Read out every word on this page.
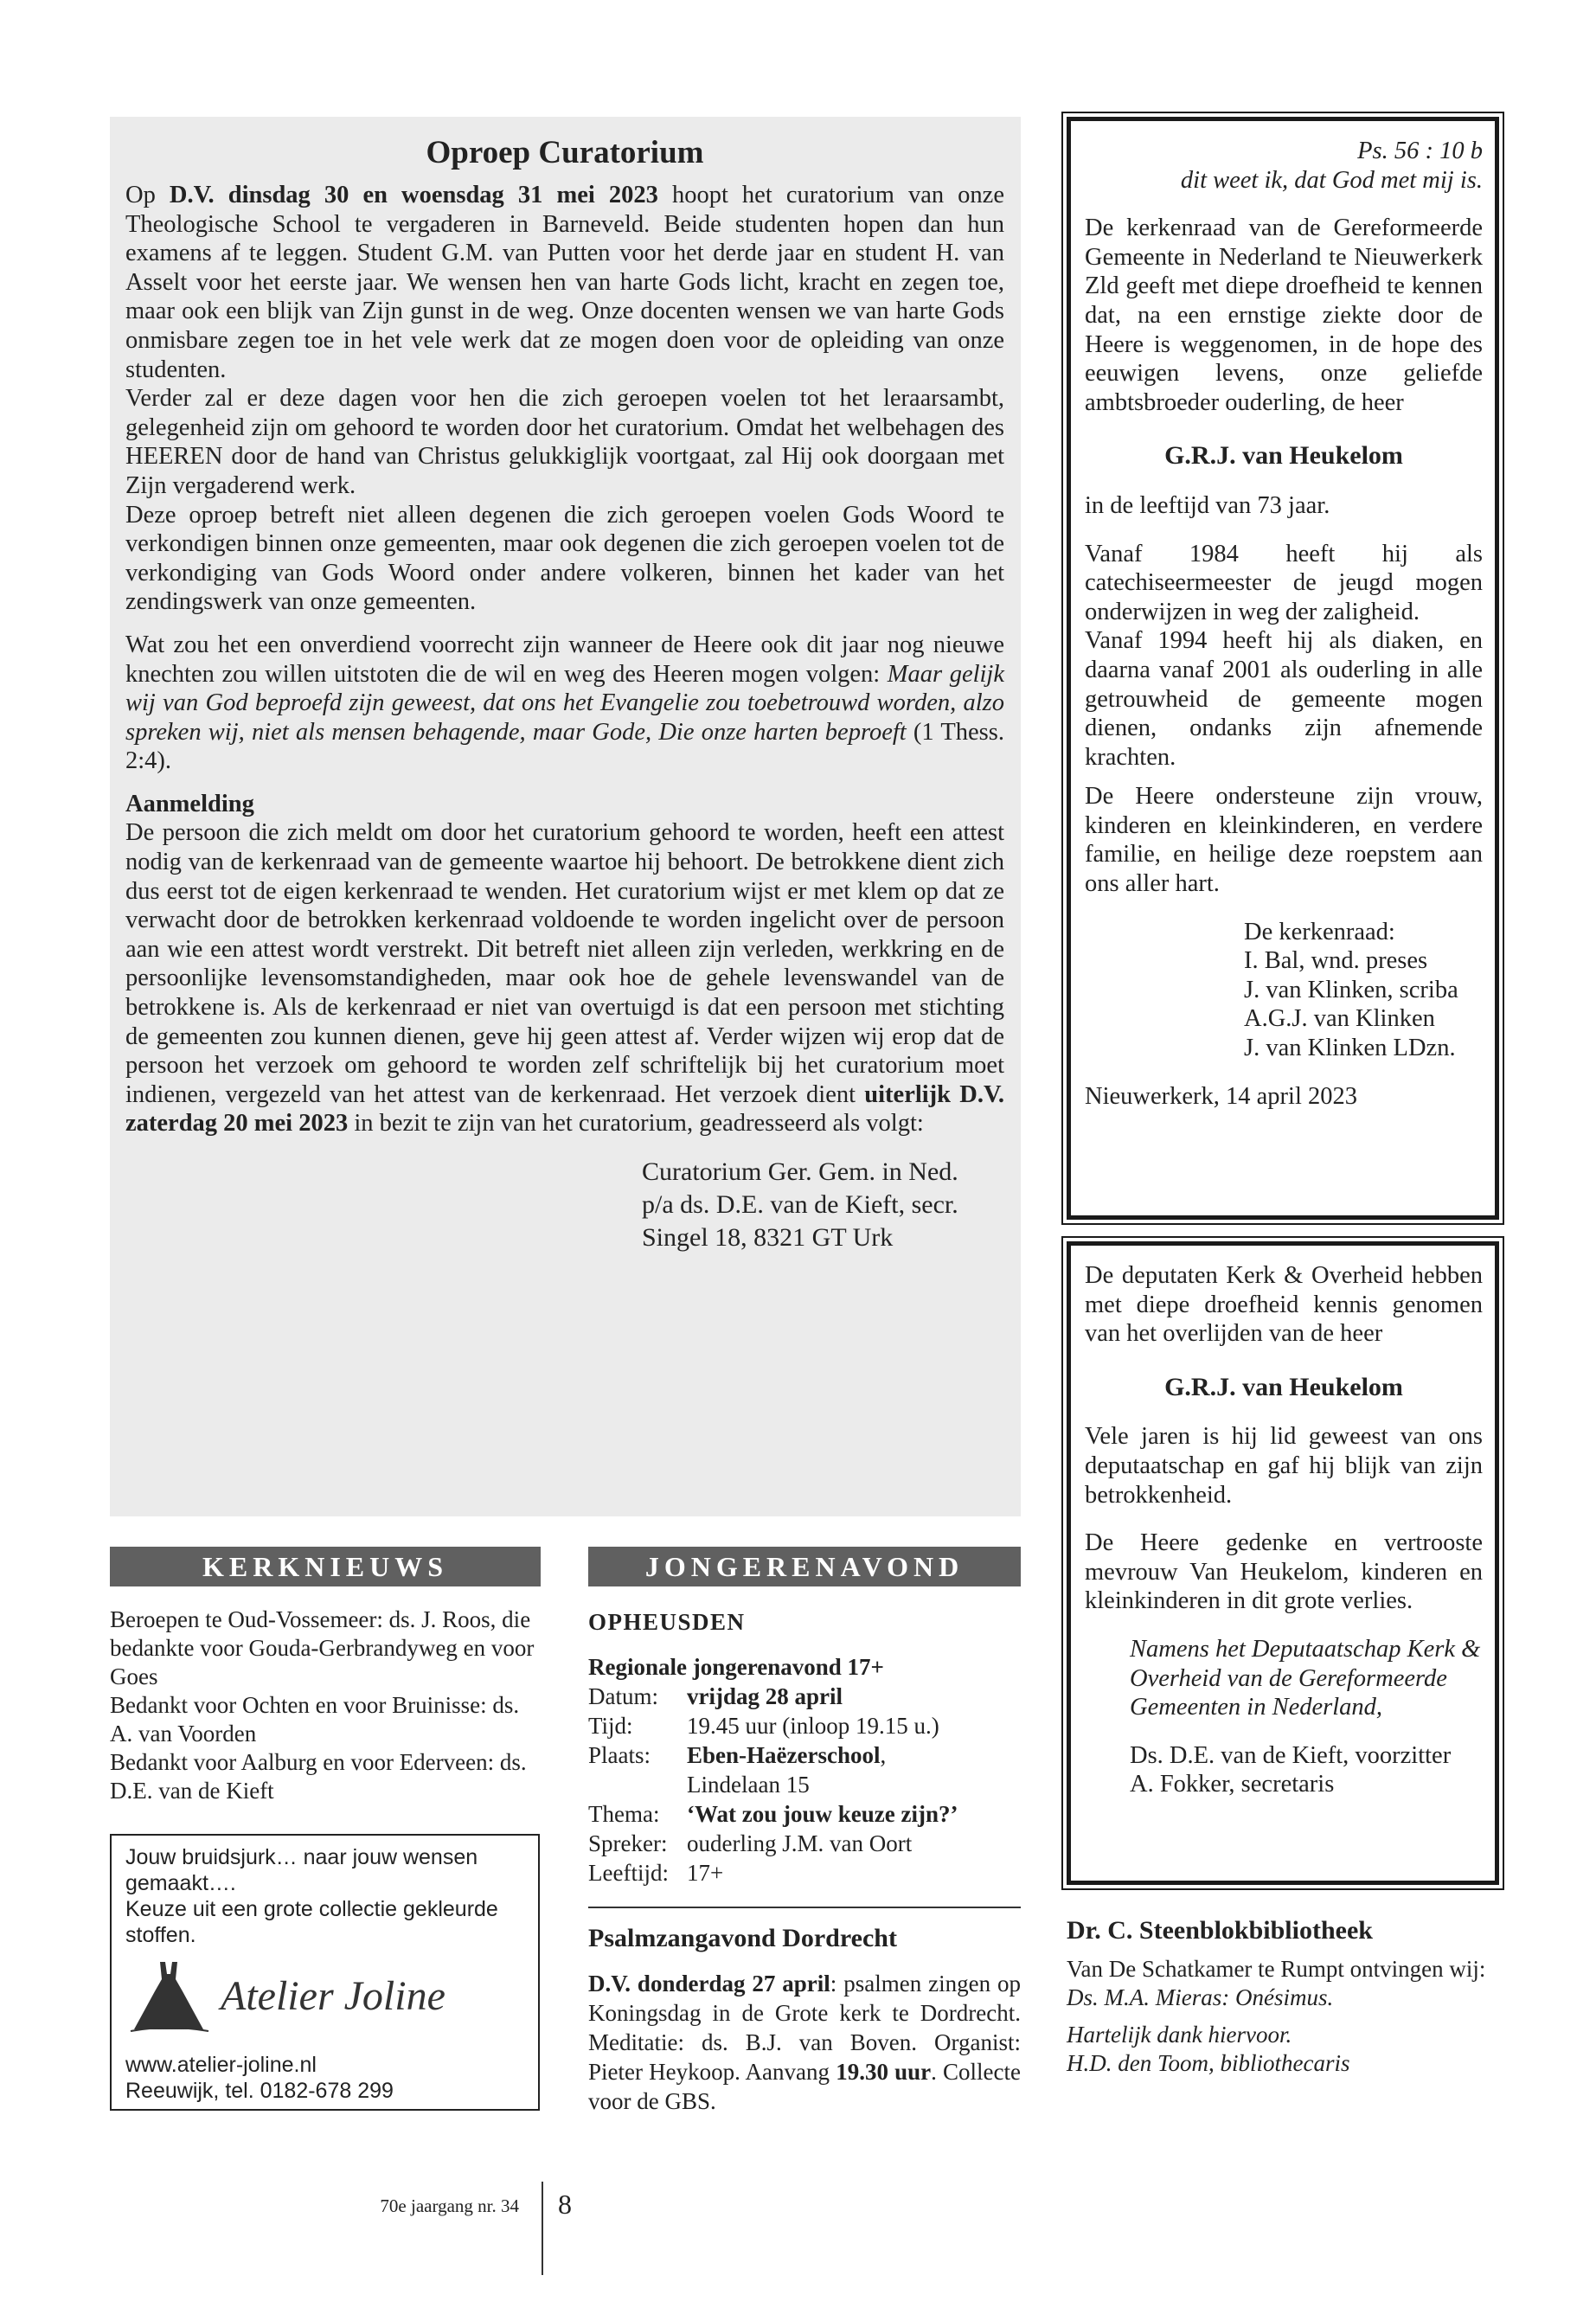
Oproep Curatorium

Op D.V. dinsdag 30 en woensdag 31 mei 2023 hoopt het curatorium van onze Theologische School te vergaderen in Barneveld. Beide studenten hopen dan hun examens af te leggen. Student G.M. van Putten voor het derde jaar en student H. van Asselt voor het eerste jaar. We wensen hen van harte Gods licht, kracht en zegen toe, maar ook een blijk van Zijn gunst in de weg. Onze docenten wensen we van harte Gods onmisbare zegen toe in het vele werk dat ze mogen doen voor de opleiding van onze studenten.

Verder zal er deze dagen voor hen die zich geroepen voelen tot het leraarsambt, gelegenheid zijn om gehoord te worden door het curatorium. Omdat het welbehagen des HEEREN door de hand van Christus gelukkiglijk voortgaat, zal Hij ook doorgaan met Zijn vergaderend werk.

Deze oproep betreft niet alleen degenen die zich geroepen voelen Gods Woord te verkondigen binnen onze gemeenten, maar ook degenen die zich geroepen voelen tot de verkondiging van Gods Woord onder andere volkeren, binnen het kader van het zendingswerk van onze gemeenten.

Wat zou het een onverdiend voorrecht zijn wanneer de Heere ook dit jaar nog nieuwe knechten zou willen uitstoten die de wil en weg des Heeren mogen volgen: Maar gelijk wij van God beproefd zijn geweest, dat ons het Evangelie zou toebetrouwd worden, alzo spreken wij, niet als mensen behagende, maar Gode, Die onze harten beproeft (1 Thess. 2:4).

Aanmelding

De persoon die zich meldt om door het curatorium gehoord te worden, heeft een attest nodig van de kerkenraad van de gemeente waartoe hij behoort. De betrokkene dient zich dus eerst tot de eigen kerkenraad te wenden. Het curatorium wijst er met klem op dat ze verwacht door de betrokken kerkenraad voldoende te worden ingelicht over de persoon aan wie een attest wordt verstrekt. Dit betreft niet alleen zijn verleden, werkkring en de persoonlijke levensomstandigheden, maar ook hoe de gehele levenswandel van de betrokkene is. Als de kerkenraad er niet van overtuigd is dat een persoon met stichting de gemeenten zou kunnen dienen, geve hij geen attest af. Verder wijzen wij erop dat de persoon het verzoek om gehoord te worden zelf schriftelijk bij het curatorium moet indienen, vergezeld van het attest van de kerkenraad. Het verzoek dient uiterlijk D.V. zaterdag 20 mei 2023 in bezit te zijn van het curatorium, geadresseerd als volgt:

Curatorium Ger. Gem. in Ned.
p/a ds. D.E. van de Kieft, secr.
Singel 18, 8321 GT Urk
Ps. 56 : 10 b
dit weet ik, dat God met mij is.

De kerkenraad van de Gereformeerde Gemeente in Nederland te Nieuwerkerk Zld geeft met diepe droefheid te kennen dat, na een ernstige ziekte door de Heere is weggenomen, in de hope des eeuwigen levens, onze geliefde ambtsbroeder ouderling, de heer

G.R.J. van Heukelom

in de leeftijd van 73 jaar.

Vanaf 1984 heeft hij als catechiseermeester de jeugd mogen onderwijzen in weg der zaligheid.

Vanaf 1994 heeft hij als diaken, en daarna vanaf 2001 als ouderling in alle getrouwheid de gemeente mogen dienen, ondanks zijn afnemende krachten.

De Heere ondersteune zijn vrouw, kinderen en kleinkinderen, en verdere familie, en heilige deze roepstem aan ons aller hart.

De kerkenraad:
I. Bal, wnd. preses
J. van Klinken, scriba
A.G.J. van Klinken
J. van Klinken LDzn.

Nieuwerkerk, 14 april 2023

De deputaten Kerk & Overheid hebben met diepe droefheid kennis genomen van het overlijden van de heer

G.R.J. van Heukelom

Vele jaren is hij lid geweest van ons deputaatschap en gaf hij blijk van zijn betrokkenheid.

De Heere gedenke en vertrooste mevrouw Van Heukelom, kinderen en kleinkinderen in dit grote verlies.

Namens het Deputaatschap Kerk & Overheid van de Gereformeerde Gemeenten in Nederland,

Ds. D.E. van de Kieft, voorzitter
A. Fokker, secretaris
KERKNIEUWS

Beroepen te Oud-Vossemeer: ds. J. Roos, die bedankte voor Gouda-Gerbrandyweg en voor Goes

Bedankt voor Ochten en voor Bruinisse: ds. A. van Voorden

Bedankt voor Aalburg en voor Ederveen: ds. D.E. van de Kieft

Jouw bruidsjurk… naar jouw wensen gemaakt….

Keuze uit een grote collectie gekleurde stoffen.

Atelier Joline
www.atelier-joline.nl
Reeuwijk, tel. 0182-678 299
JONGERENAVOND
OPHEUSDEN
Regionale jongerenavond 17+
Datum:	vrijdag 28 april
Tijd:	19.45 uur (inloop 19.15 u.)
Plaats:	Eben-Haëzerschool,
Lindelaan 15
Thema:	‘Wat zou jouw keuze zijn?’
Spreker: ouderling J.M. van Oort
Leeftijd: 17+
Psalmzangavond Dordrecht

D.V. donderdag 27 april: psalmen zingen op Koningsdag in de Grote kerk te Dordrecht. Meditatie: ds. B.J. van Boven. Organist: Pieter Heykoop. Aanvang 19.30 uur. Collecte voor de GBS.

Dr. C. Steenblokbibliotheek

Van De Schatkamer te Rumpt ontvingen wij:

Ds. M.A. Mieras: Onésimus.

Hartelijk dank hiervoor.

H.D. den Toom, bibliothecaris

70e jaargang nr. 34 8
